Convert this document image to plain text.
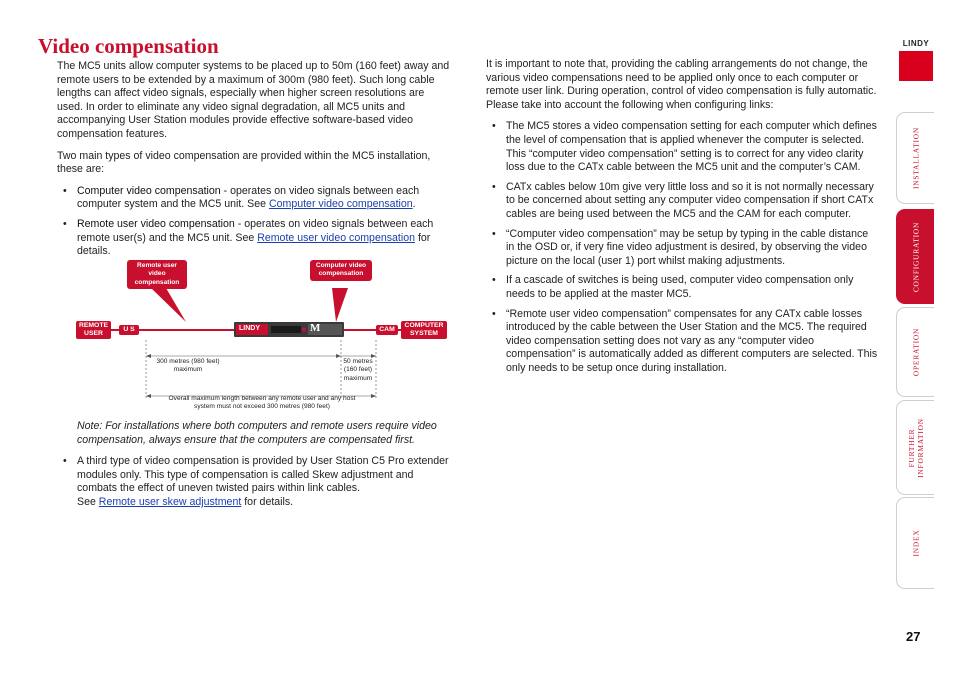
Video compensation

The MC5 units allow computer systems to be placed up to 50m (160 feet) away and remote users to be extended by a maximum of 300m (980 feet). Such long cable lengths can affect video signals, especially when higher screen resolutions are used. In order to eliminate any video signal degradation, all MC5 units and accompanying User Station modules provide effective software-based video compensation features.

Two main types of video compensation are provided within the MC5 installation, these are:

• Computer video compensation - operates on video signals between each computer system and the MC5 unit. See Computer video compensation.
• Remote user video compensation - operates on video signals between each remote user(s) and the MC5 unit. See Remote user video compensation for details.
Remote user video compensation
Computer video compensation
REMOTE USER
U S	LINDY	M	CAM
COMPUTER SYSTEM
300 metres (980 feet) maximum
50 metres (160 feet) maximum
Overall maximum length between any remote user and any host system must not exceed 300 metres (980 feet)

Note: For installations where both computers and remote users require video compensation, always ensure that the computers are compensated first.

• A third type of video compensation is provided by User Station C5 Pro extender modules only. This type of compensation is called Skew adjustment and combats the effect of uneven twisted pairs within link cables.
See Remote user skew adjustment for details.

It is important to note that, providing the cabling arrangements do not change, the various video compensations need to be applied only once to each computer or remote user link. During operation, control of video compensation is fully automatic. Please take into account the following when configuring links:

• The MC5 stores a video compensation setting for each computer which defines the level of compensation that is applied whenever the computer is selected. This “computer video compensation” setting is to correct for any video clarity loss due to the CATx cable between the MC5 unit and the computer’s CAM.
• CATx cables below 10m give very little loss and so it is not normally necessary to be concerned about setting any computer video compensation if short CATx cables are being used between the MC5 and the CAM for each computer.
• “Computer video compensation” may be setup by typing in the cable distance in the OSD or, if very fine video adjustment is desired, by observing the video picture on the local (user 1) port whilst making adjustments.
• If a cascade of switches is being used, computer video compensation only needs to be applied at the master MC5.
• “Remote user video compensation” compensates for any CATx cable losses introduced by the cable between the User Station and the MC5. The required video compensation setting does not vary as any “computer video compensation” is automatically added as different computers are selected. This only needs to be setup once during installation.
LINDY
INSTALLATION
CONFIGURATION
OPERATION
FURTHER INFORMATION
INDEX
27
